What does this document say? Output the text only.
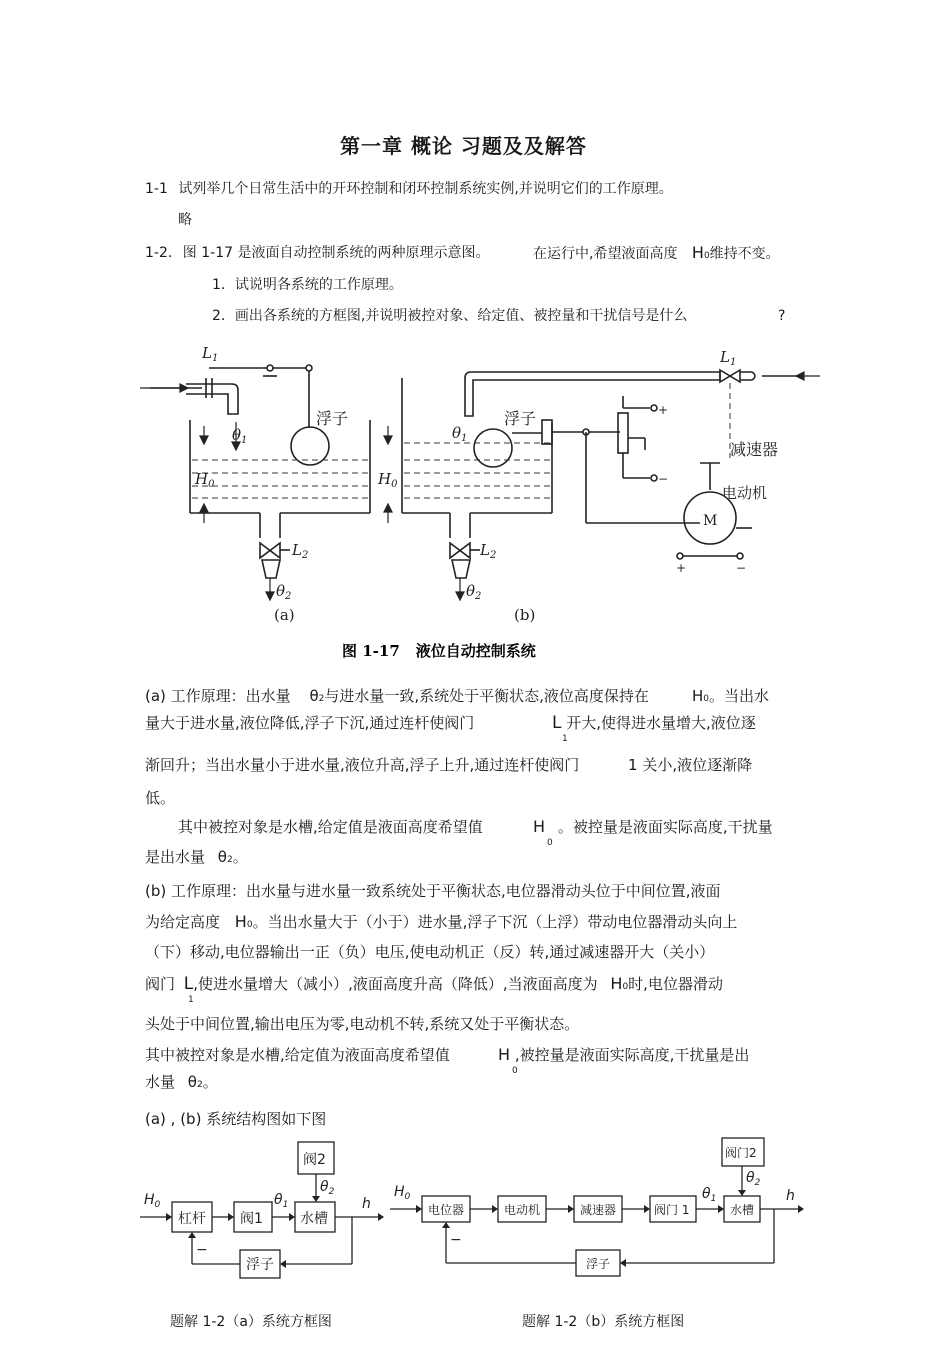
第一章 概论 习题及及解答
1-1 试列举几个日常生活中的开环控制和闭环控制系统实例,并说明它们的工作原理。
略
1-2. 图 1-17 是液面自动控制系统的两种原理示意图。	在运行中,希望液面高度 H0维持不变。
1．试说明各系统的工作原理。
2．画出各系统的方框图,并说明被控对象、给定值、被控量和干扰信号是什么	?
$L_1$
$\theta_1$
$H_0$
$L_2$
$\theta_2$
$\theta_1$
$H_0$
$L_2$
$\theta_2$
$L_1$
(a)	(b)
浮子	浮子
减速器
电动机
M
+
−
+	−
图 1-17 液位自动控制系统
(a) 工作原理：出水量 θ2与进水量一致,系统处于平衡状态,液位高度保持在	H0。当出水
量大于进水量,液位降低,浮子下沉,通过连杆使阀门	L 开大,使得进水量增大,液位逐
1
渐回升；当出水量小于进水量,液位升高,浮子上升,通过连杆使阀门	1 关小,液位逐渐降
低。
其中被控对象是水槽,给定值是液面高度希望值	H 。被控量是液面实际高度,干扰量
0
是出水量 θ2。
(b) 工作原理：出水量与进水量一致系统处于平衡状态,电位器滑动头位于中间位置,液面
为给定高度 H0。当出水量大于（小于）进水量,浮子下沉（上浮）带动电位器滑动头向上
（下）移动,电位器输出一正（负）电压,使电动机正（反）转,通过减速器开大（关小）
阀门 L,使进水量增大（减小）,液面高度升高（降低）,当液面高度为 H0时,电位器滑动
1
头处于中间位置,输出电压为零,电动机不转,系统又处于平衡状态。
其中被控对象是水槽,给定值为液面高度希望值	H ,被控量是液面实际高度,干扰量是出
0
水量 θ2。
(a) , (b) 系统结构图如下图
杠杆 阀1	水槽
阀2
浮子
−
$H_0$	$\theta_1$
$\theta_2$
h
题解 1-2（a）系统方框图
电位器	电动机	减速器	阀门 1	水槽
阀门2
浮子
−
$H_0$	$\theta_1$
$\theta_2$
h
题解 1-2（b）系统方框图
